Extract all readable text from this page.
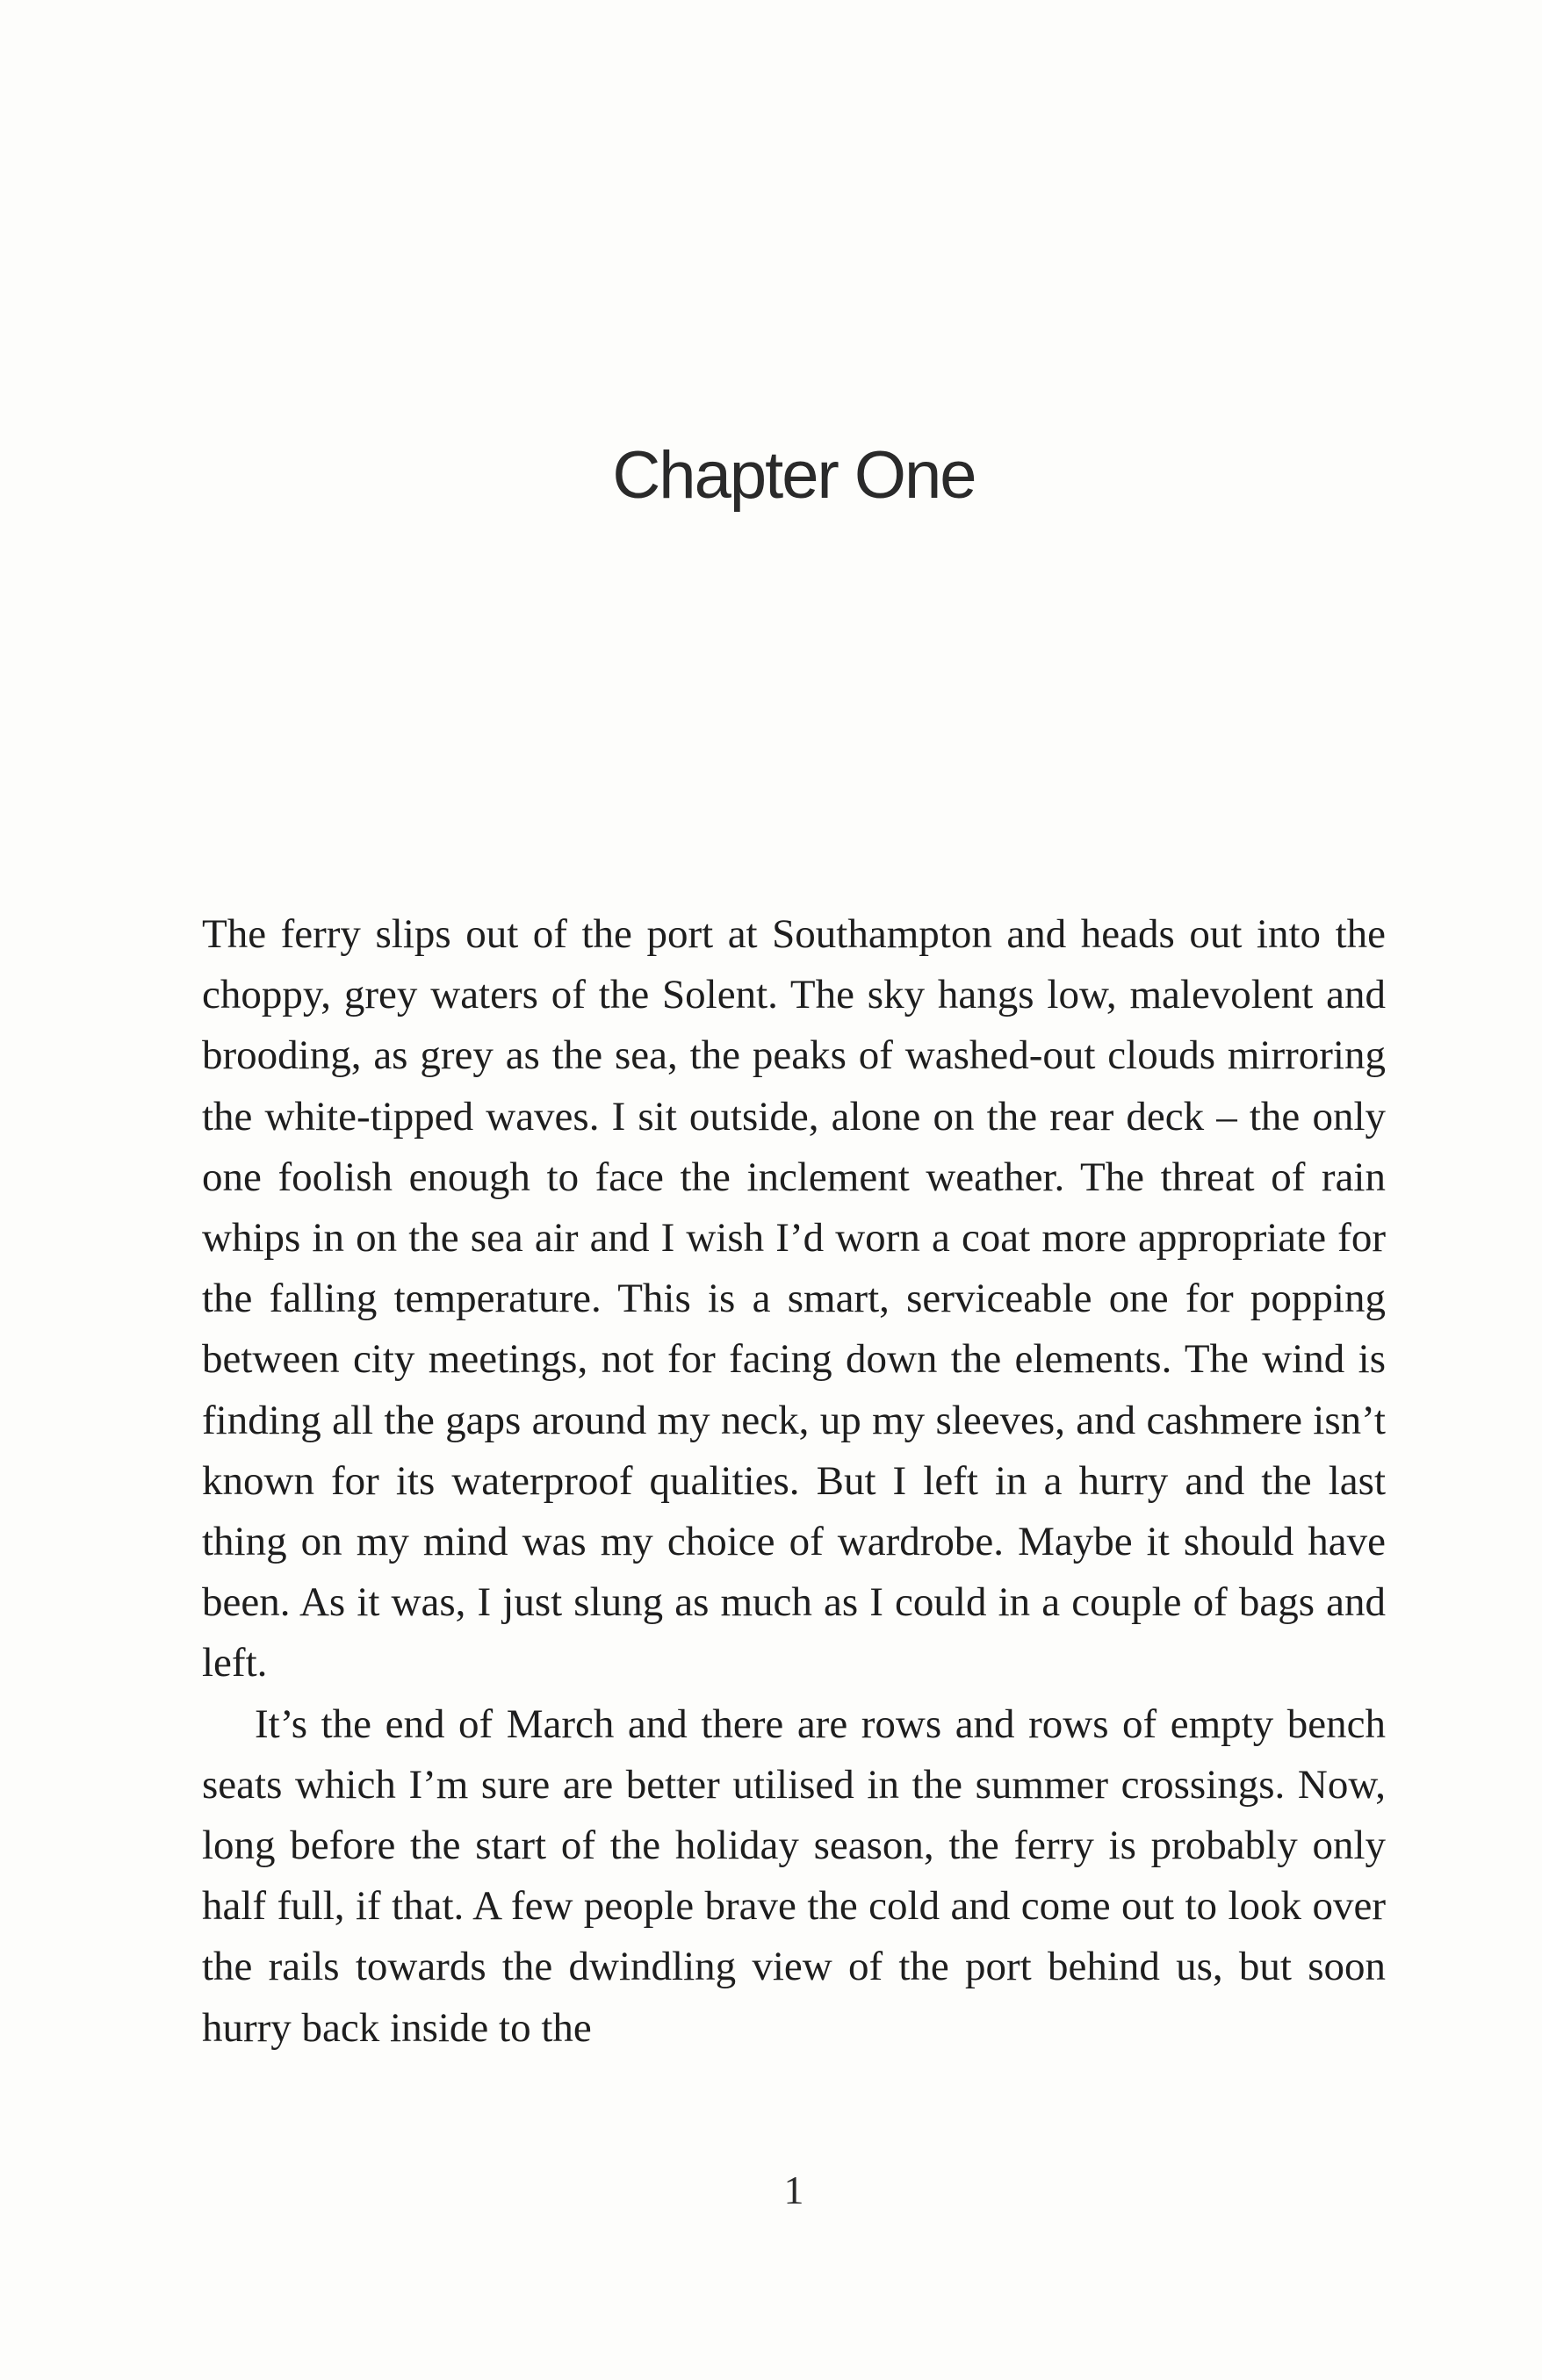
Chapter One

The ferry slips out of the port at Southampton and heads out into the choppy, grey waters of the Solent. The sky hangs low, malevolent and brooding, as grey as the sea, the peaks of washed-out clouds mirroring the white-tipped waves. I sit outside, alone on the rear deck – the only one foolish enough to face the inclement weather. The threat of rain whips in on the sea air and I wish I’d worn a coat more appropriate for the falling temperature. This is a smart, serviceable one for popping between city meetings, not for facing down the elements. The wind is finding all the gaps around my neck, up my sleeves, and cashmere isn’t known for its waterproof qualities. But I left in a hurry and the last thing on my mind was my choice of wardrobe. Maybe it should have been. As it was, I just slung as much as I could in a couple of bags and left.

It’s the end of March and there are rows and rows of empty bench seats which I’m sure are better utilised in the summer crossings. Now, long before the start of the holiday season, the ferry is probably only half full, if that. A few people brave the cold and come out to look over the rails towards the dwindling view of the port behind us, but soon hurry back inside to the

1
